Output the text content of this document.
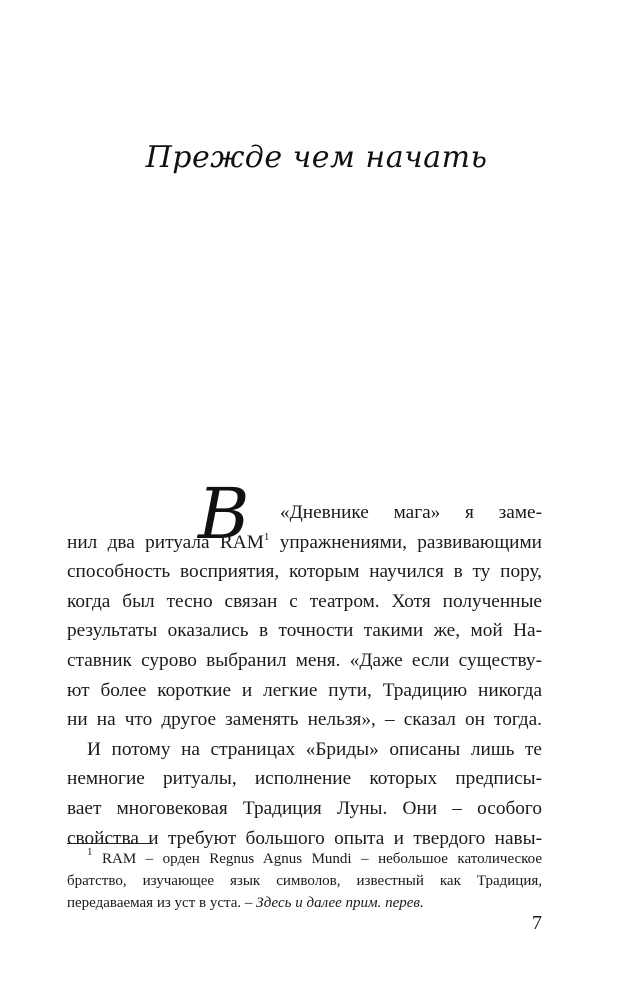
Прежде чем начать
В	«Дневнике мага» я заме-
нил два ритуала RAM$^1$ упражнениями, развивающими
способность восприятия, которым научился в ту пору,
когда был тесно связан с театром. Хотя полученные
результаты оказались в точности такими же, мой На-
ставник сурово выбранил меня. «Даже если существу-
ют более короткие и легкие пути, Традицию никогда
ни на что другое заменять нельзя», – сказал он тогда.
И потому на страницах «Бриды» описаны лишь те
немногие ритуалы, исполнение которых предписы-
вает многовековая Традиция Луны. Они – особого
свойства и требуют большого опыта и твердого навы-
$^1$ RAM – орден Regnus Agnus Mundi – небольшое католическое
братство, изучающее язык символов, известный как Традиция,
передаваемая из уст в уста. – Здесь и далее прим. перев.
7
